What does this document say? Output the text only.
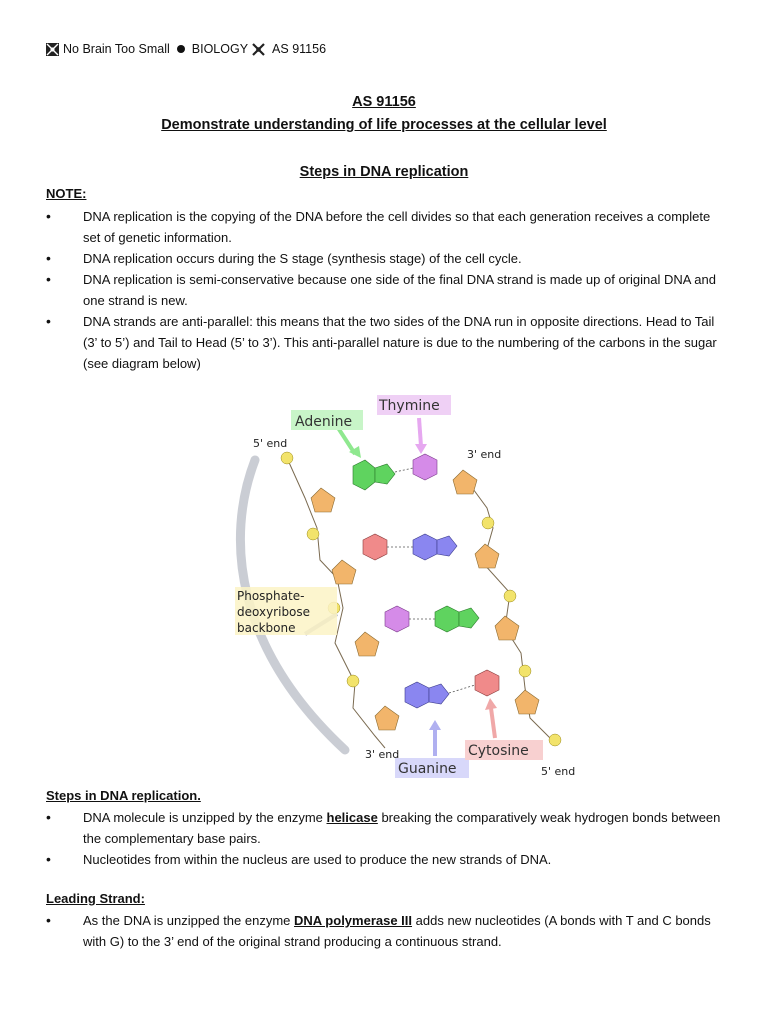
No Brain Too Small BIOLOGY AS 91156
AS 91156
Demonstrate understanding of life processes at the cellular level
Steps in DNA replication
NOTE:
• DNA replication is the copying of the DNA before the cell divides so that each generation receives a complete set of genetic information.
• DNA replication occurs during the S stage (synthesis stage) of the cell cycle.
• DNA replication is semi-conservative because one side of the final DNA strand is made up of original DNA and one strand is new.
• DNA strands are anti-parallel: this means that the two sides of the DNA run in opposite directions. Head to Tail (3’ to 5’) and Tail to Head (5’ to 3’). This anti-parallel nature is due to the numbering of the carbons in the sugar (see diagram below)
Adenine
Thymine
Guanine
Cytosine
5' end
3' end
3' end
5' end
Phosphate-
deoxyribose
backbone
Steps in DNA replication.
• DNA molecule is unzipped by the enzyme helicase breaking the comparatively weak hydrogen bonds between the complementary base pairs.
• Nucleotides from within the nucleus are used to produce the new strands of DNA.
Leading Strand:
• As the DNA is unzipped the enzyme DNA polymerase III adds new nucleotides (A bonds with T and C bonds with G) to the 3’ end of the original strand producing a continuous strand.
